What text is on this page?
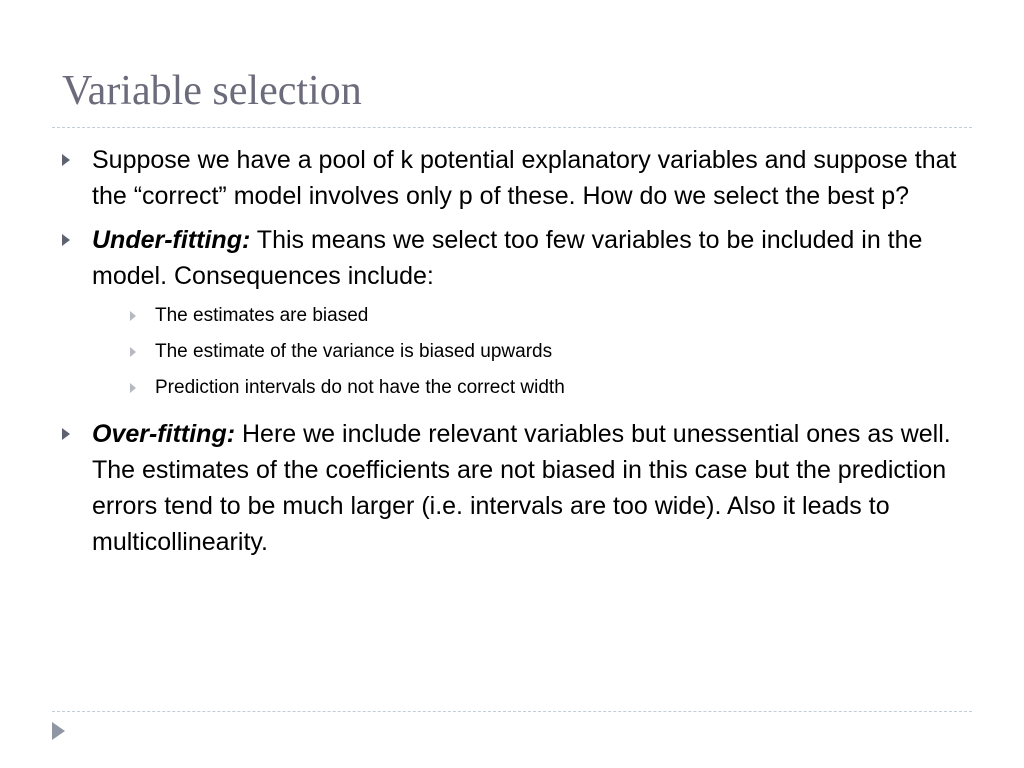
Variable selection
Suppose we have a pool of k potential explanatory variables and suppose that the “correct” model involves only p of these. How do we select the best p?
Under-fitting: This means we select too few variables to be included in the model. Consequences include:
The estimates are biased
The estimate of the variance is biased upwards
Prediction intervals do not have the correct width
Over-fitting: Here we include relevant variables but unessential ones as well. The estimates of the coefficients are not biased in this case but the prediction errors tend to be much larger (i.e. intervals are too wide). Also it leads to multicollinearity.
